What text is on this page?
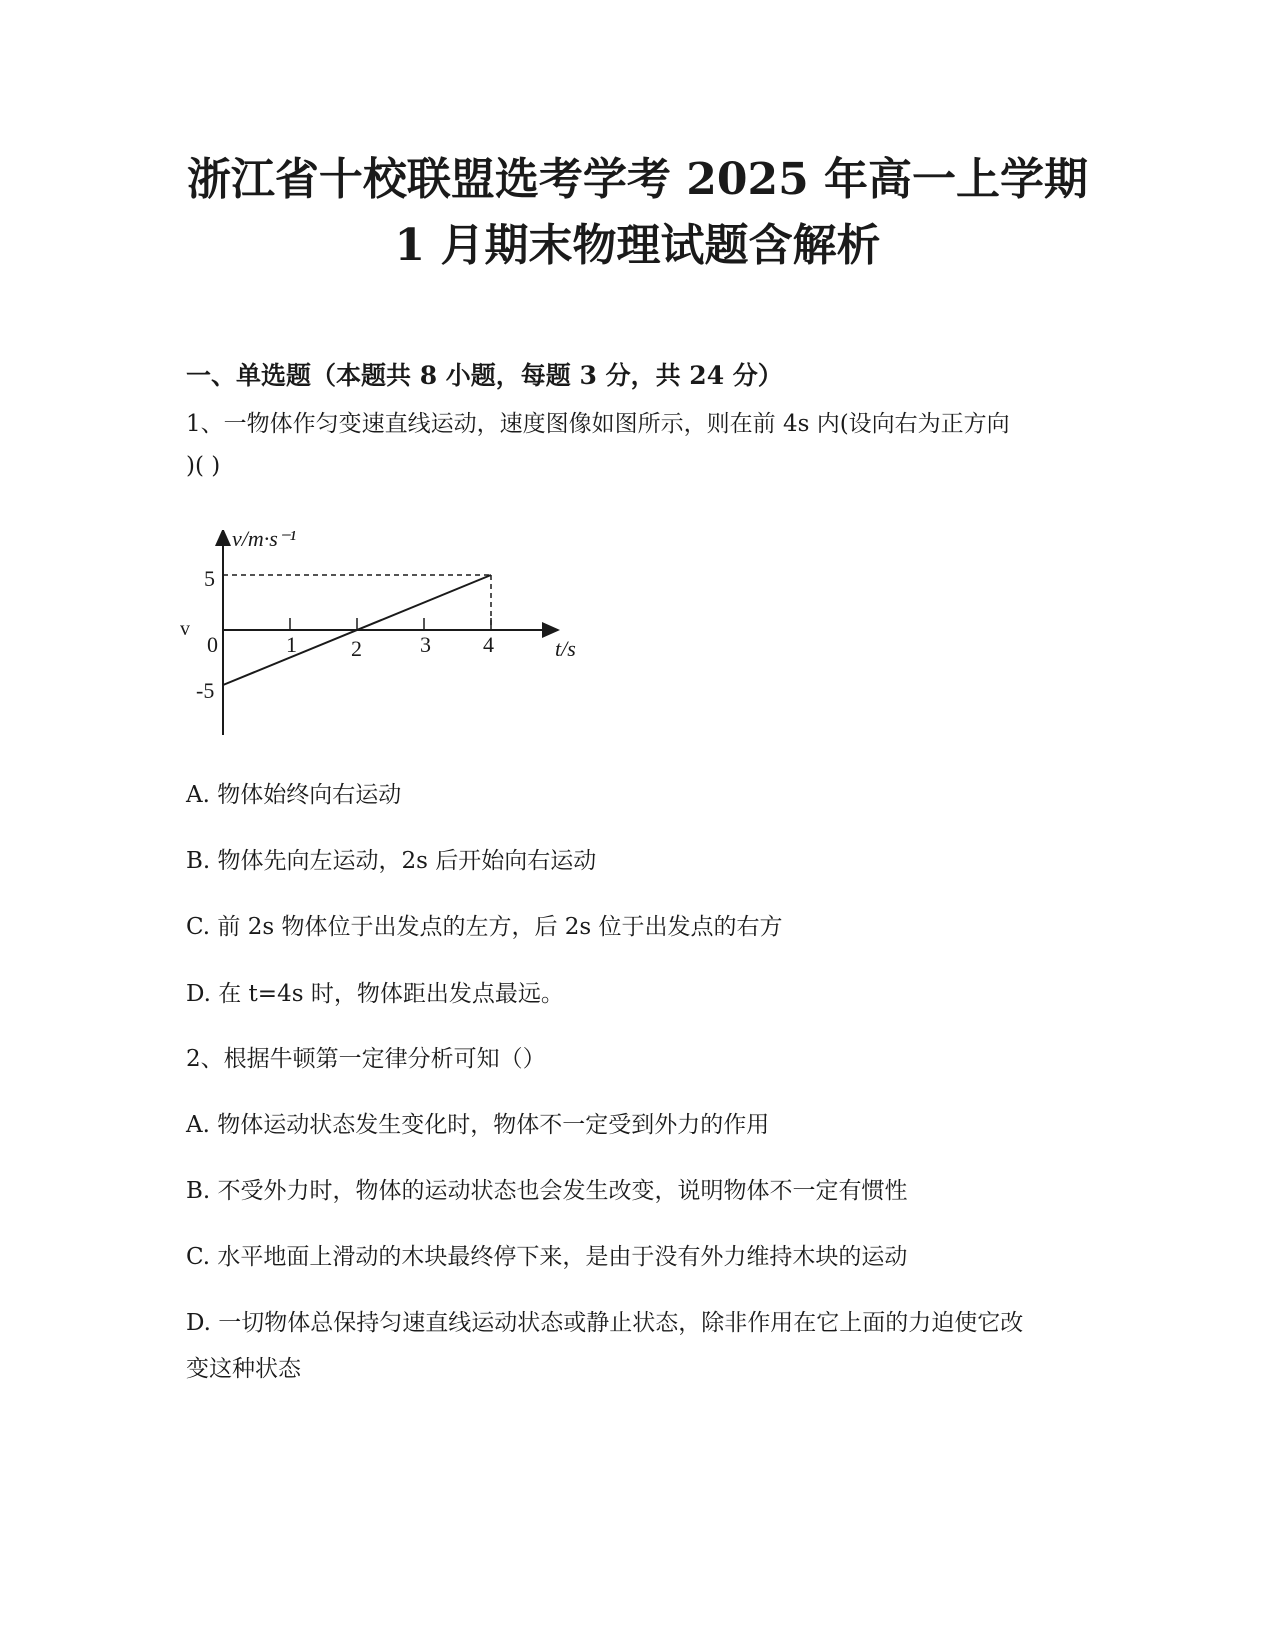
浙江省十校联盟选考学考 2025 年高一上学期
1 月期末物理试题含解析
一、单选题（本题共 8 小题，每题 3 分，共 24 分）
1、一物体作匀变速直线运动，速度图像如图所示，则在前 4s 内(设向右为正方向
)( )
v/m·s⁻¹
t/s
v
0
5
-5
1 2	3 4
A. 物体始终向右运动
B. 物体先向左运动，2s 后开始向右运动
C. 前 2s 物体位于出发点的左方，后 2s 位于出发点的右方
D. 在 t=4s 时，物体距出发点最远。
2、根据牛顿第一定律分析可知（）
A. 物体运动状态发生变化时，物体不一定受到外力的作用
B. 不受外力时，物体的运动状态也会发生改变，说明物体不一定有惯性
C. 水平地面上滑动的木块最终停下来，是由于没有外力维持木块的运动
D. 一切物体总保持匀速直线运动状态或静止状态，除非作用在它上面的力迫使它改
变这种状态
